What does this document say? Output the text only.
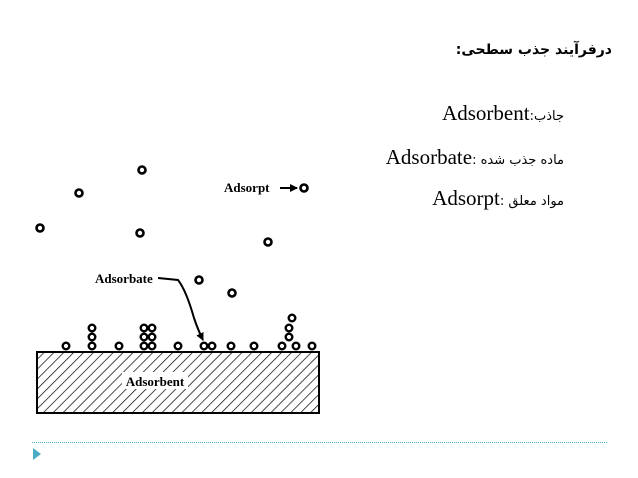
درفرآیند جذب سطحی:
جاذب:Adsorbent
ماده جذب شده :Adsorbate
مواد معلق :Adsorpt
Adsorbent
Adsorpt
Adsorbate
